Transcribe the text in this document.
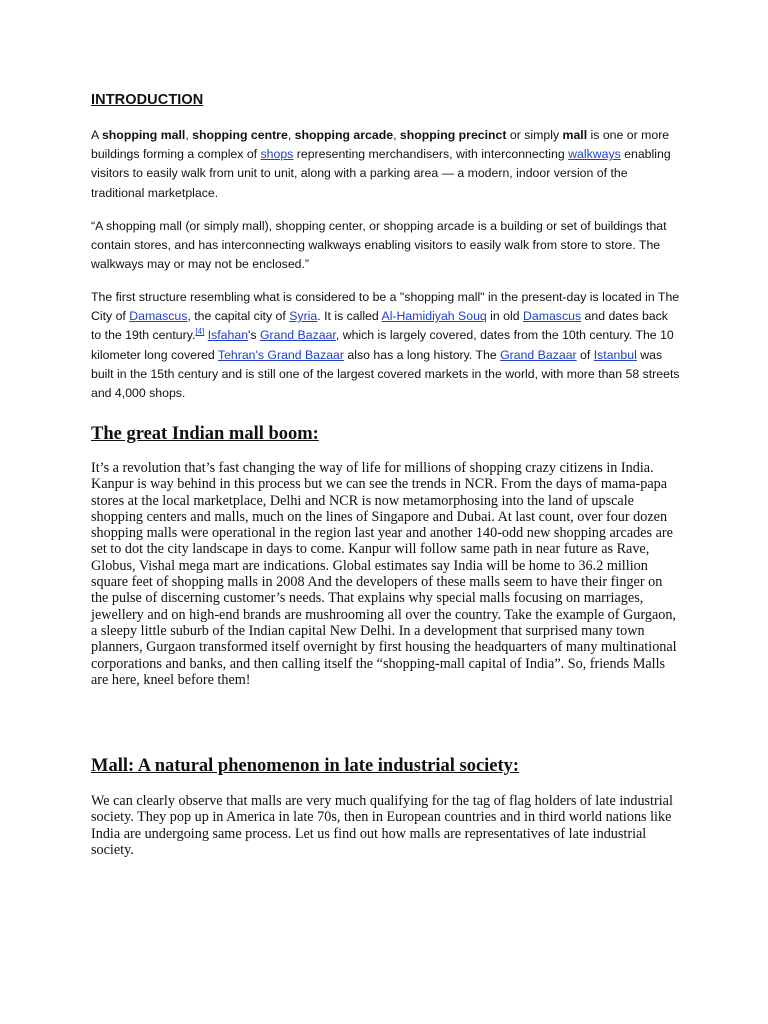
INTRODUCTION
A shopping mall, shopping centre, shopping arcade, shopping precinct or simply mall is one or more buildings forming a complex of shops representing merchandisers, with interconnecting walkways enabling visitors to easily walk from unit to unit, along with a parking area — a modern, indoor version of the traditional marketplace.
“A shopping mall (or simply mall), shopping center, or shopping arcade is a building or set of buildings that contain stores, and has interconnecting walkways enabling visitors to easily walk from store to store. The walkways may or may not be enclosed.”
The first structure resembling what is considered to be a "shopping mall" in the present-day is located in The City of Damascus, the capital city of Syria. It is called Al-Hamidiyah Souq in old Damascus and dates back to the 19th century.[4] Isfahan's Grand Bazaar, which is largely covered, dates from the 10th century. The 10 kilometer long covered Tehran's Grand Bazaar also has a long history. The Grand Bazaar of Istanbul was built in the 15th century and is still one of the largest covered markets in the world, with more than 58 streets and 4,000 shops.
The great Indian mall boom:
It’s a revolution that’s fast changing the way of life for millions of shopping crazy citizens in India. Kanpur is way behind in this process but we can see the trends in NCR. From the days of mama-papa stores at the local marketplace, Delhi and NCR is now metamorphosing into the land of upscale shopping centers and malls, much on the lines of Singapore and Dubai. At last count, over four dozen shopping malls were operational in the region last year and another 140-odd new shopping arcades are set to dot the city landscape in days to come. Kanpur will follow same path in near future as Rave, Globus, Vishal mega mart are indications. Global estimates say India will be home to 36.2 million square feet of shopping malls in 2008 And the developers of these malls seem to have their finger on the pulse of discerning customer’s needs. That explains why special malls focusing on marriages, jewellery and on high-end brands are mushrooming all over the country. Take the example of Gurgaon, a sleepy little suburb of the Indian capital New Delhi. In a development that surprised many town planners, Gurgaon transformed itself overnight by first housing the headquarters of many multinational corporations and banks, and then calling itself the “shopping-mall capital of India”. So, friends Malls are here, kneel before them!
Mall: A natural phenomenon in late industrial society:
We can clearly observe that malls are very much qualifying for the tag of flag holders of late industrial society. They pop up in America in late 70s, then in European countries and in third world nations like India are undergoing same process. Let us find out how malls are representatives of late industrial society.
